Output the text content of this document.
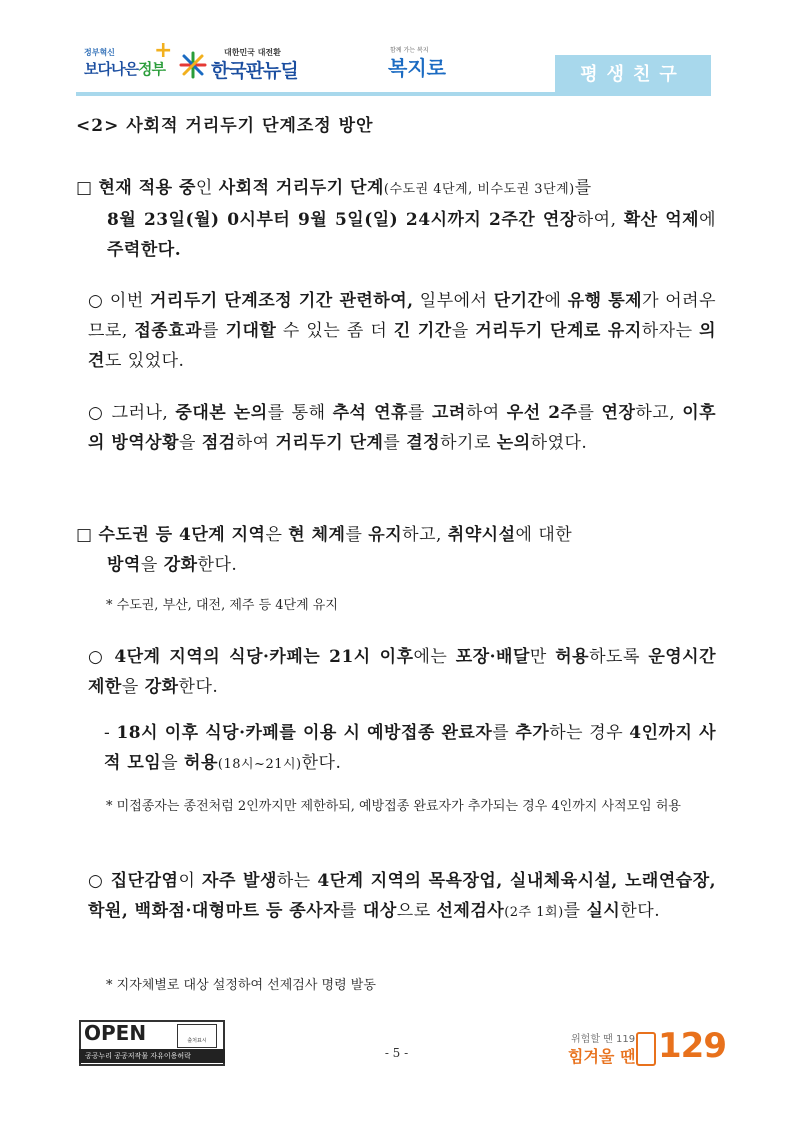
정부혁신
보다나은정부
+	대한민국 대전환
한국판뉴딜
함께 가는 복지
복지로	평생친구
<2> 사회적 거리두기 단계조정 방안
□ 현재 적용 중인 사회적 거리두기 단계(수도권 4단계, 비수도권 3단계)를
8월 23일(월) 0시부터 9월 5일(일) 24시까지 2주간 연장하여, 확산 억제에 주력한다.
○ 이번 거리두기 단계조정 기간 관련하여, 일부에서 단기간에 유행 통제가 어려우므로, 접종효과를 기대할 수 있는 좀 더 긴 기간을 거리두기 단계로 유지하자는 의견도 있었다.
○ 그러나, 중대본 논의를 통해 추석 연휴를 고려하여 우선 2주를 연장하고, 이후의 방역상황을 점검하여 거리두기 단계를 결정하기로 논의하였다.
□ 수도권 등 4단계 지역은 현 체계를 유지하고, 취약시설에 대한
방역을 강화한다.
* 수도권, 부산, 대전, 제주 등 4단계 유지
○ 4단계 지역의 식당·카페는 21시 이후에는 포장·배달만 허용하도록 운영시간 제한을 강화한다.
- 18시 이후 식당·카페를 이용 시 예방접종 완료자를 추가하는 경우 4인까지 사적 모임을 허용(18시~21시)한다.
* 미접종자는 종전처럼 2인까지만 제한하되, 예방접종 완료자가 추가되는 경우 4인까지 사적모임 허용
○ 집단감염이 자주 발생하는 4단계 지역의 목욕장업, 실내체육시설, 노래연습장, 학원, 백화점·대형마트 등 종사자를 대상으로 선제검사(2주 1회)를 실시한다.
* 지자체별로 대상 설정하여 선제검사 명령 발동
OPEN	출처표시
공공누리 공공저작물 자유이용허락	- 5 -
위험할 땐 119
힘겨울 땐 129
